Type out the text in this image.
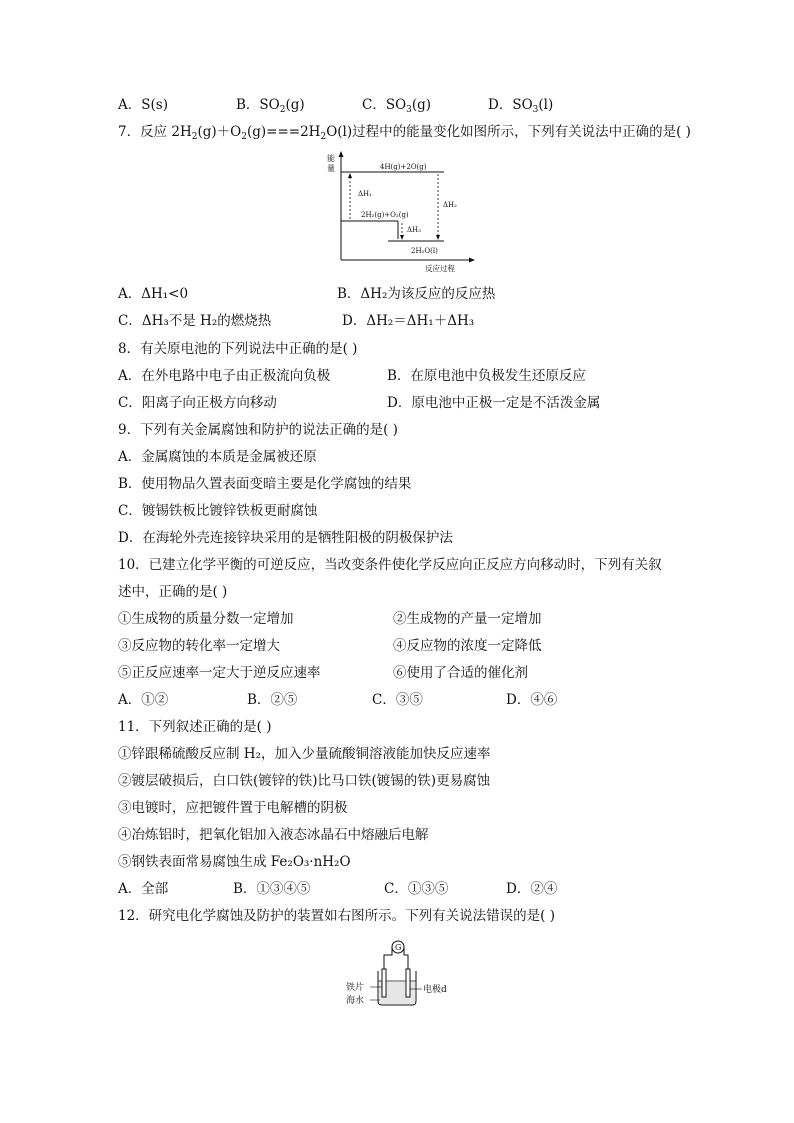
A．S(s)	B．$SO_2(g)$	C．$SO_3(g)$	D．$SO_3(l)$
7．反应 $2H_2(g)+O_2(g)===2H_2O(l)$过程中的能量变化如图所示，下列有关说法中正确的是( )
能
量	4H(g)+2O(g)
2H₂(g)+O₂(g)
2H₂O(l)
ΔH₁
ΔH₂
ΔH₃
反应过程
A．ΔH₁<0	B．ΔH₂为该反应的反应热
C．ΔH₃不是 H₂的燃烧热	D．ΔH₂＝ΔH₁＋ΔH₃
8．有关原电池的下列说法中正确的是( )
A．在外电路中电子由正极流向负极	B．在原电池中负极发生还原反应
C．阳离子向正极方向移动	D．原电池中正极一定是不活泼金属
9．下列有关金属腐蚀和防护的说法正确的是( )
A．金属腐蚀的本质是金属被还原
B．使用物品久置表面变暗主要是化学腐蚀的结果
C．镀锡铁板比镀锌铁板更耐腐蚀
D．在海轮外壳连接锌块采用的是牺牲阳极的阴极保护法
10．已建立化学平衡的可逆反应，当改变条件使化学反应向正反应方向移动时，下列有关叙
述中，正确的是( )
①生成物的质量分数一定增加	②生成物的产量一定增加
③反应物的转化率一定增大	④反应物的浓度一定降低
⑤正反应速率一定大于逆反应速率	⑥使用了合适的催化剂
A．①②	B．②⑤	C．③⑤	D．④⑥
11．下列叙述正确的是( )
①锌跟稀硫酸反应制 H₂，加入少量硫酸铜溶液能加快反应速率
②镀层破损后，白口铁(镀锌的铁)比马口铁(镀锡的铁)更易腐蚀
③电镀时，应把镀件置于电解槽的阴极
④冶炼铝时，把氧化铝加入液态冰晶石中熔融后电解
⑤钢铁表面常易腐蚀生成 Fe₂O₃·nH₂O
A．全部	B．①③④⑤	C．①③⑤	D．②④
12．研究电化学腐蚀及防护的装置如右图所示。下列有关说法错误的是( )
G
铁片
海水
电极d
